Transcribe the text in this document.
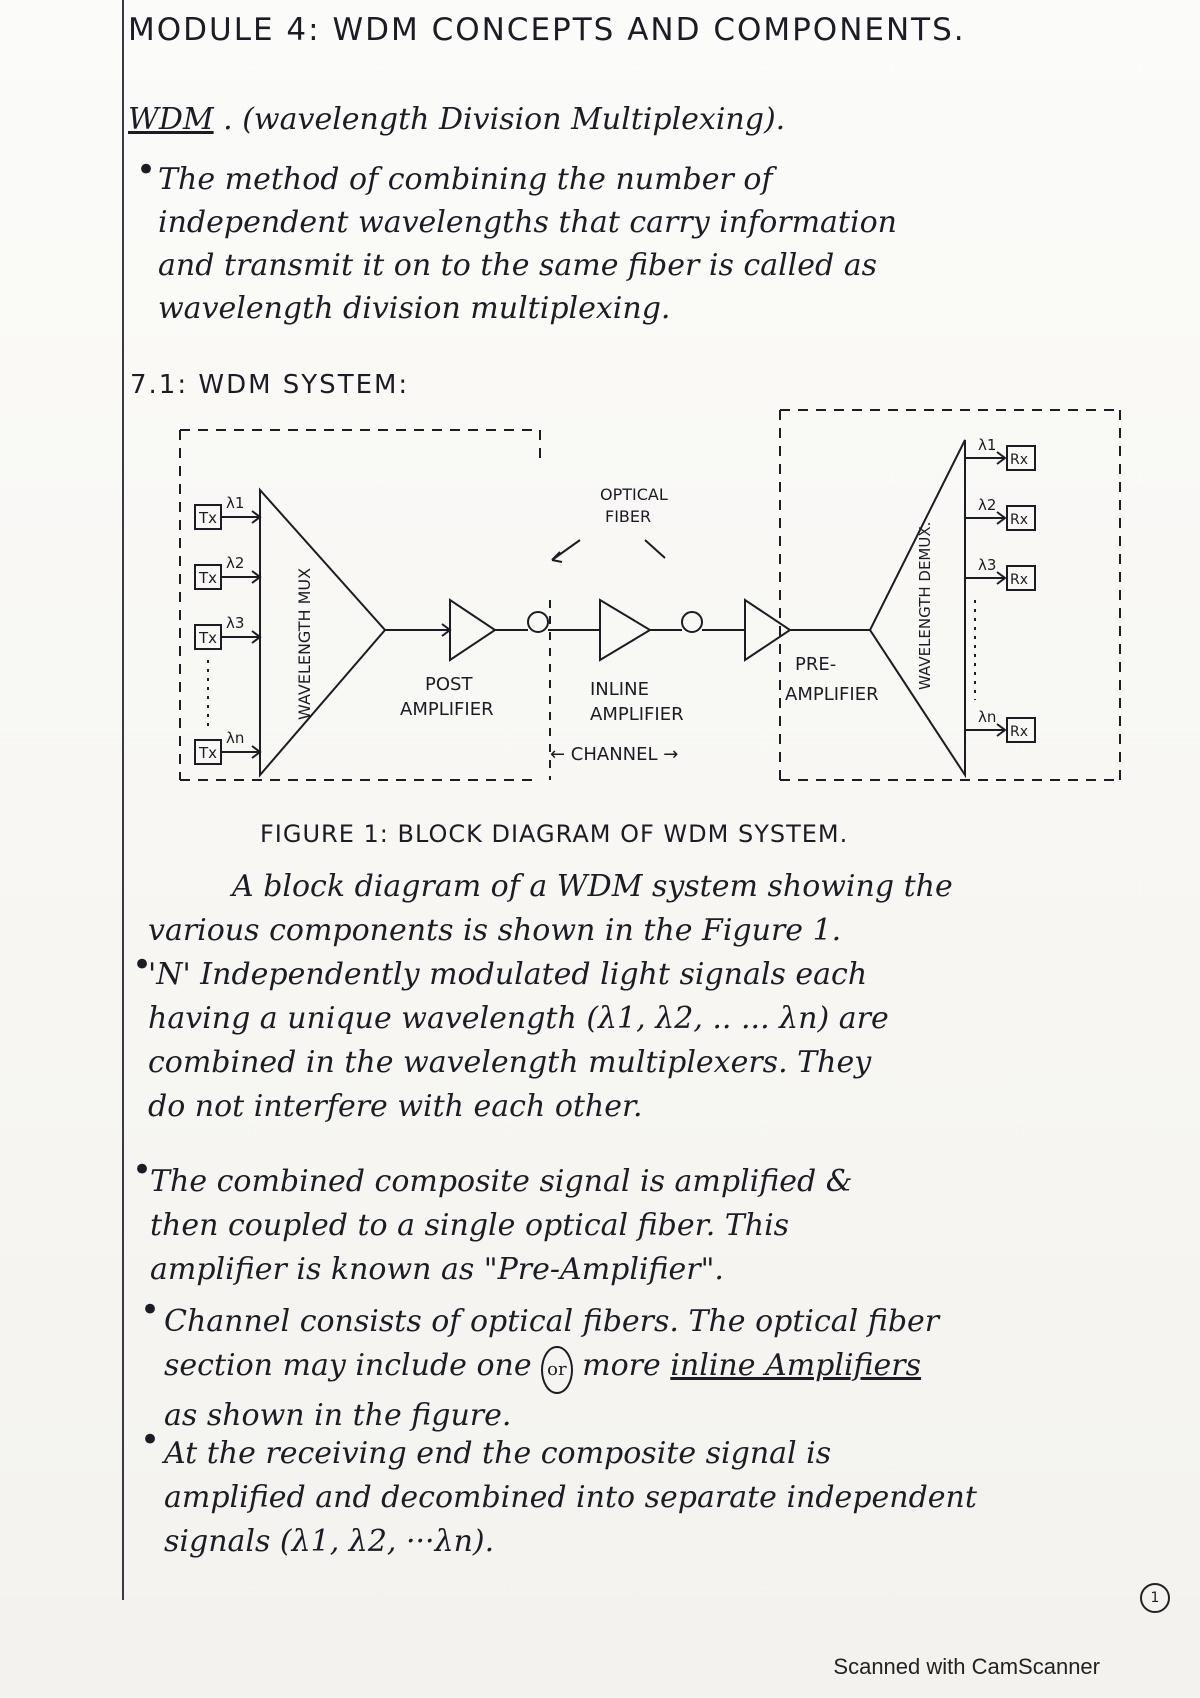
MODULE 4: WDM CONCEPTS AND COMPONENTS.
WDM . (wavelength Division Multiplexing).
• The method of combining the number of
independent wavelengths that carry information
and transmit it on to the same fiber is called as
wavelength division multiplexing.
7.1: WDM SYSTEM:
Tx
Tx
Tx
Tx
λ1
λ2
λ3
λn
WAVELENGTH MUX	POST
AMPLIFIER
OPTICAL
FIBER
INLINE
AMPLIFIER
PRE-
AMPLIFIER
← CHANNEL →
WAVELENGTH DEMUX.
λ1
λ2
λ3
λn
Rx
Rx
Rx
Rx
FIGURE 1: BLOCK DIAGRAM OF WDM SYSTEM.
A block diagram of a WDM system showing the
various components is shown in the Figure 1.
'N' Independently modulated light signals each
having a unique wavelength (λ1, λ2, .. ... λn) are
combined in the wavelength multiplexers. They
do not interfere with each other.
•
•
The combined composite signal is amplified &
then coupled to a single optical fiber. This
amplifier is known as "Pre-Amplifier".
• Channel consists of optical fibers. The optical fiber
section may include one or more inline Amplifiers
as shown in the figure.
• At the receiving end the composite signal is
amplified and decombined into separate independent
signals (λ1, λ2, ···λn).
1
Scanned with CamScanner
